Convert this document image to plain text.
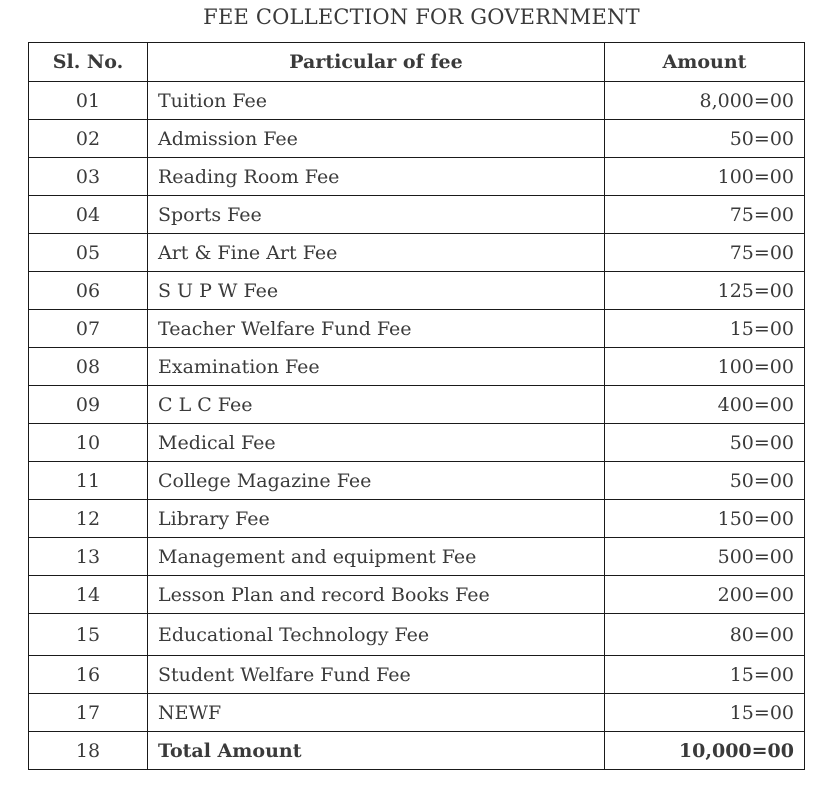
FEE COLLECTION FOR GOVERNMENT
Sl. No.	Particular of fee	Amount
01	Tuition Fee	8,000=00
02	Admission Fee	50=00
03	Reading Room Fee	100=00
04	Sports Fee	75=00
05	Art & Fine Art Fee	75=00
06	S U P W Fee	125=00
07	Teacher Welfare Fund Fee	15=00
08	Examination Fee	100=00
09	C L C Fee	400=00
10	Medical Fee	50=00
11	College Magazine Fee	50=00
12	Library Fee	150=00
13	Management and equipment Fee	500=00
14	Lesson Plan and record Books Fee	200=00
15	Educational Technology Fee	80=00
16	Student Welfare Fund Fee	15=00
17	NEWF	15=00
18	Total Amount	10,000=00
